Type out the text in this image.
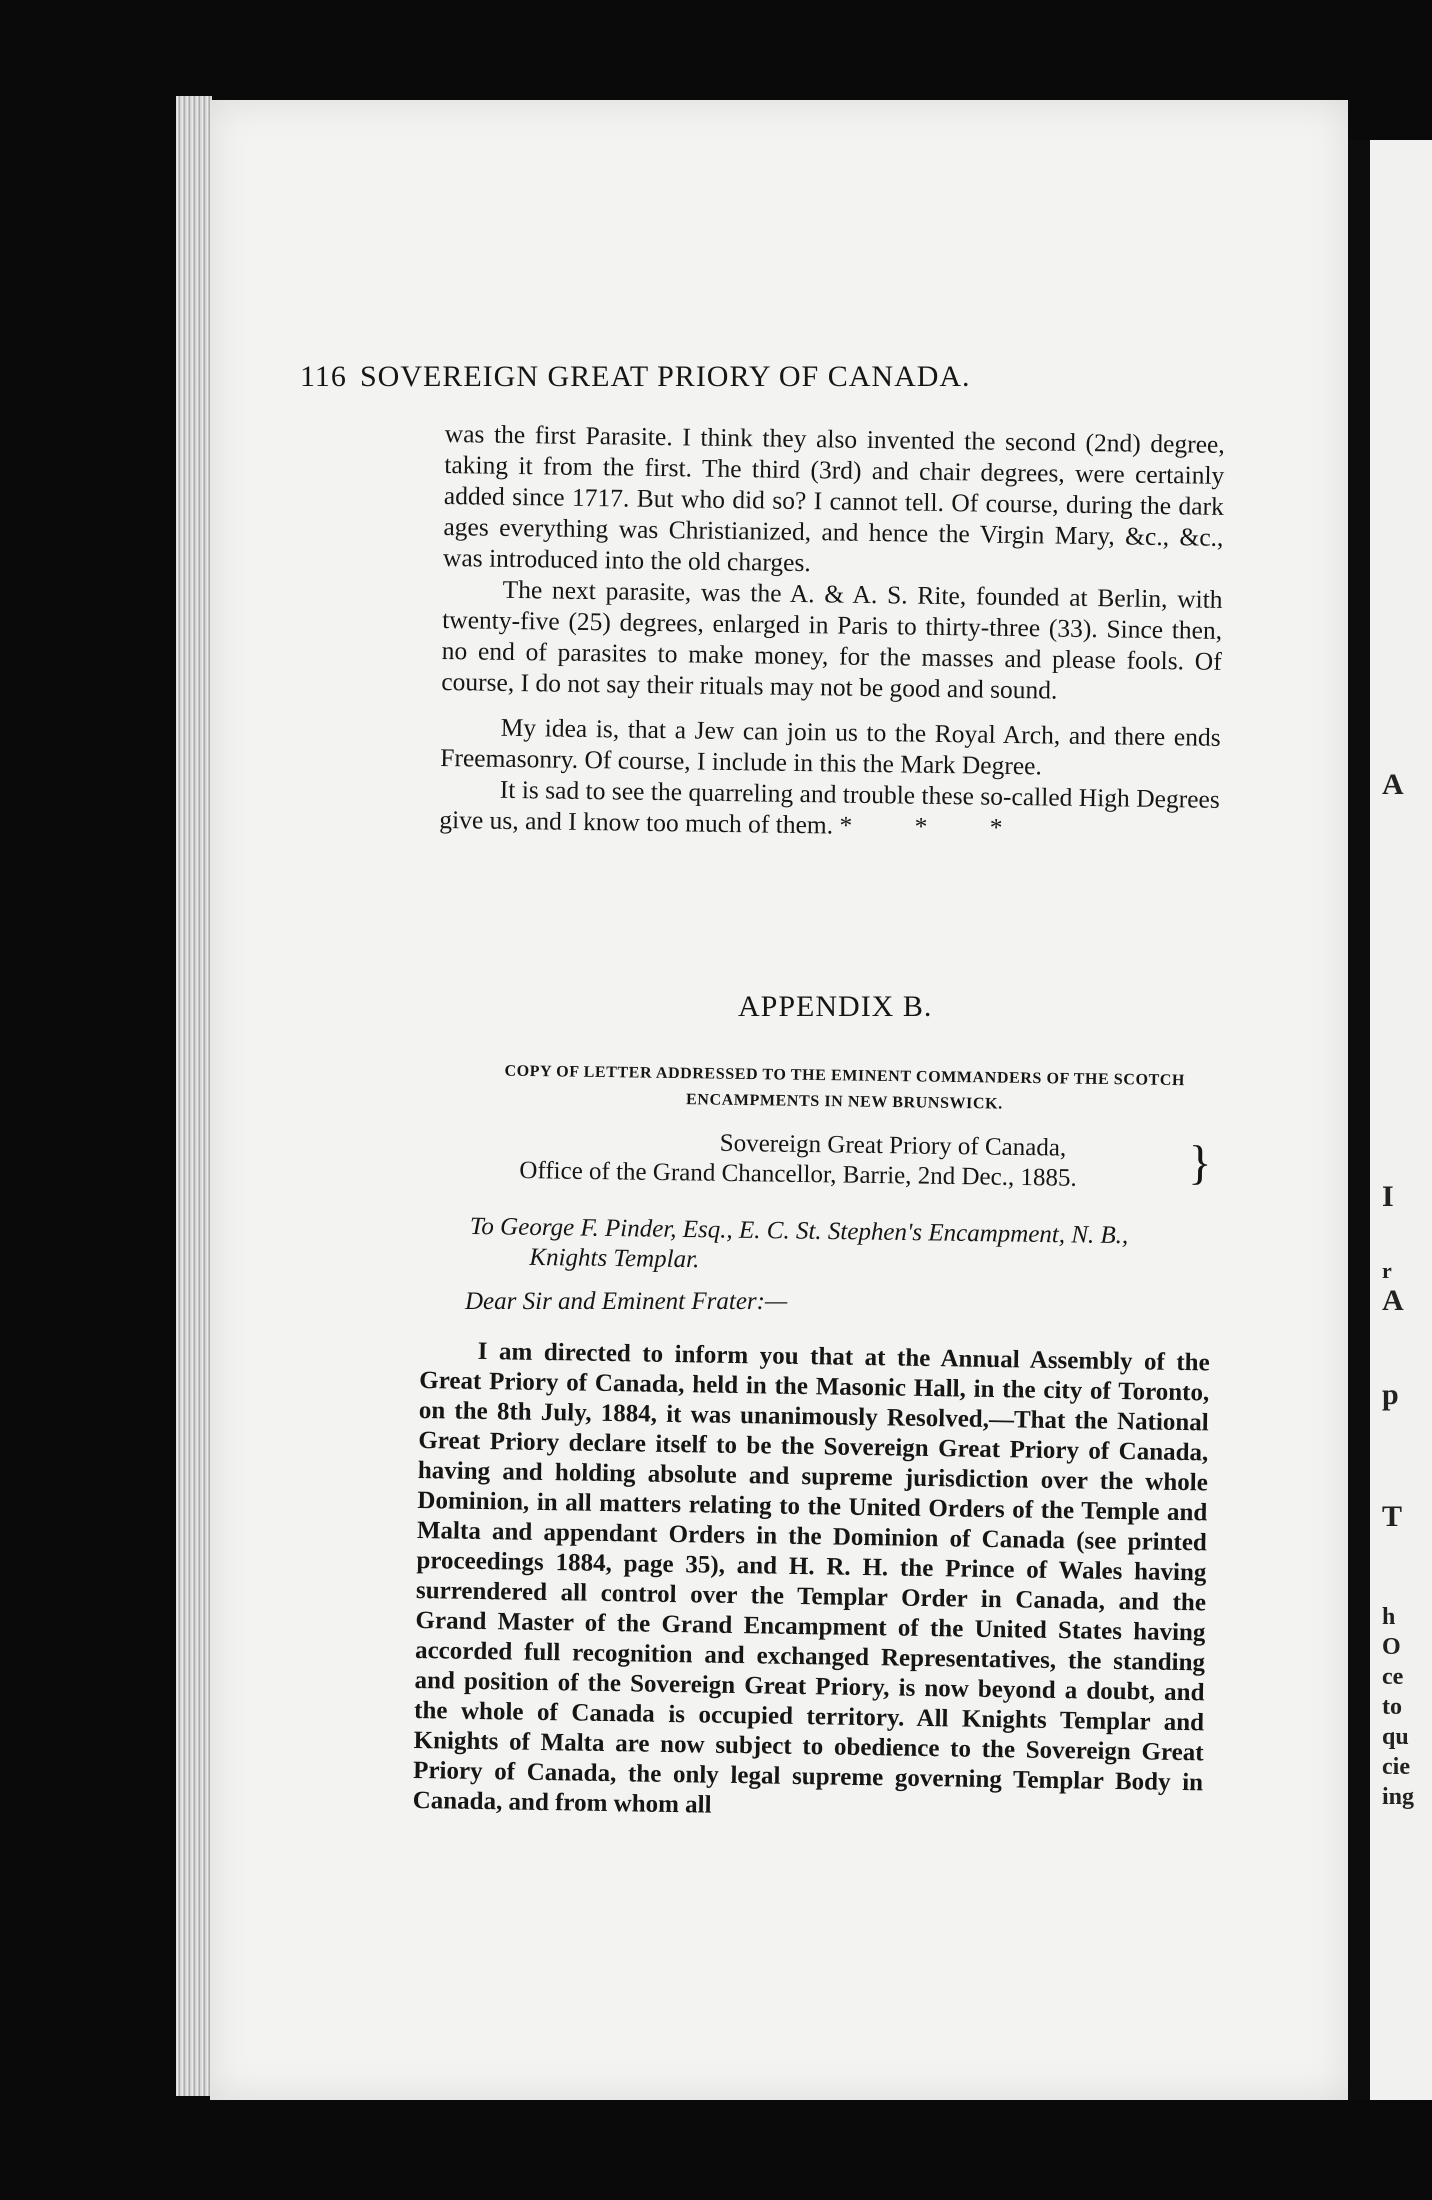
A
I
r
A
p
T
h
O
ce
to
qu
cie
ing
116 SOVEREIGN GREAT PRIORY OF CANADA.

was the first Parasite. I think they also invented the second (2nd) degree, taking it from the first. The third (3rd) and chair degrees, were certainly added since 1717. But who did so? I cannot tell. Of course, during the dark ages everything was Christianized, and hence the Virgin Mary, &c., &c., was introduced into the old charges.

The next parasite, was the A. & A. S. Rite, founded at Berlin, with twenty-five (25) degrees, enlarged in Paris to thirty-three (33). Since then, no end of parasites to make money, for the masses and please fools. Of course, I do not say their rituals may not be good and sound.

My idea is, that a Jew can join us to the Royal Arch, and there ends Freemasonry. Of course, I include in this the Mark Degree.

It is sad to see the quarreling and trouble these so-called High Degrees give us, and I know too much of them. * * *

APPENDIX B.
COPY OF LETTER ADDRESSED TO THE EMINENT COMMANDERS OF THE SCOTCH
ENCAMPMENTS IN NEW BRUNSWICK.
Sovereign Great Priory of Canada,
Office of the Grand Chancellor, Barrie, 2nd Dec., 1885.	}
To George F. Pinder, Esq., E. C. St. Stephen's Encampment, N. B.,
Knights Templar.
Dear Sir and Eminent Frater:—

I am directed to inform you that at the Annual Assembly of the Great Priory of Canada, held in the Masonic Hall, in the city of Toronto, on the 8th July, 1884, it was unanimously Resolved,—That the National Great Priory declare itself to be the Sovereign Great Priory of Canada, having and holding absolute and supreme jurisdiction over the whole Dominion, in all matters relating to the United Orders of the Temple and Malta and appendant Orders in the Dominion of Canada (see printed proceedings 1884, page 35), and H. R. H. the Prince of Wales having surrendered all control over the Templar Order in Canada, and the Grand Master of the Grand Encampment of the United States having accorded full recognition and exchanged Representatives, the standing and position of the Sovereign Great Priory, is now beyond a doubt, and the whole of Canada is occupied territory. All Knights Templar and Knights of Malta are now subject to obedience to the Sovereign Great Priory of Canada, the only legal supreme governing Templar Body in Canada, and from whom all
